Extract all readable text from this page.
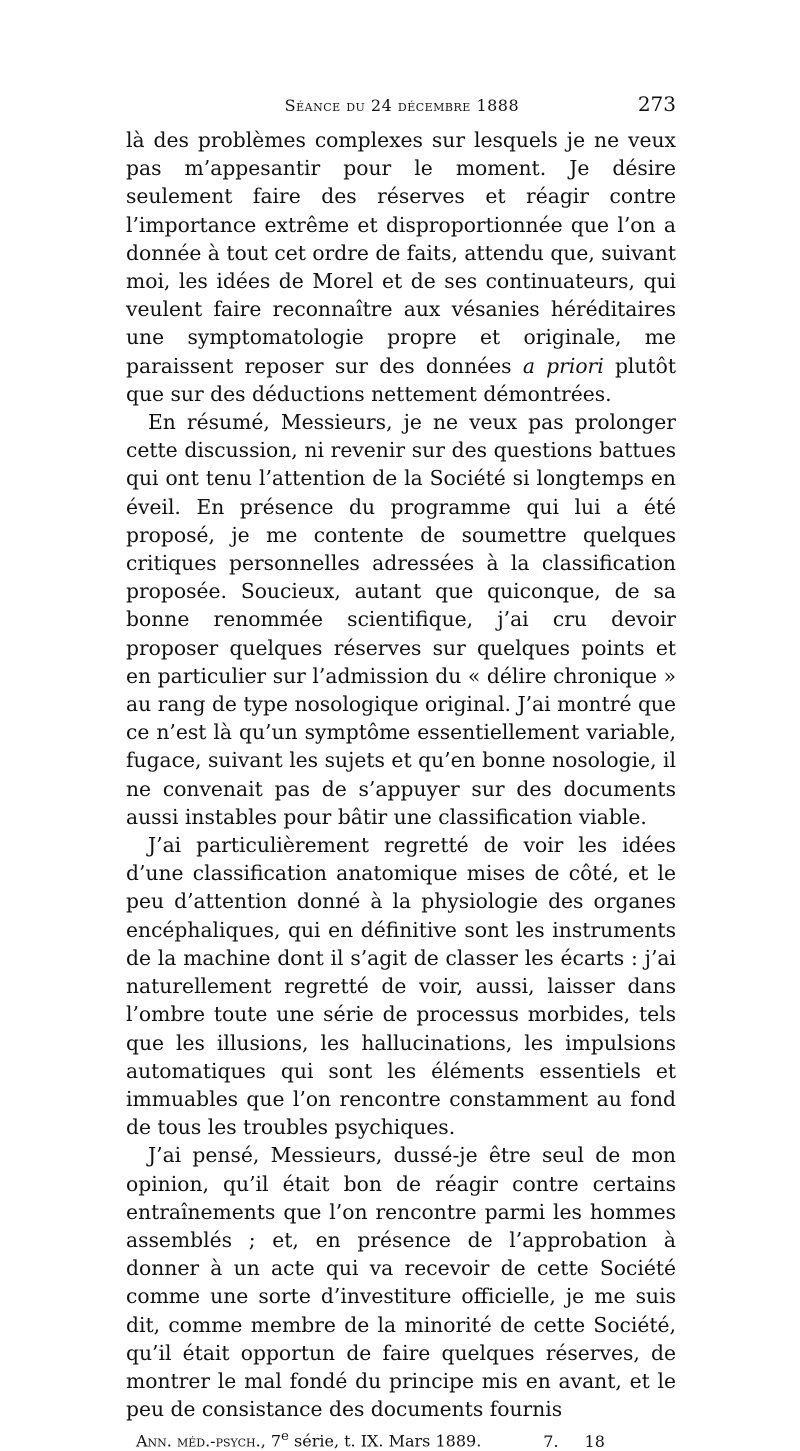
Séance du 24 décembre 1888	273

là des problèmes complexes sur lesquels je ne veux pas m’appesantir pour le moment. Je désire seulement faire des réserves et réagir contre l’importance extrême et disproportionnée que l’on a donnée à tout cet ordre de faits, attendu que, suivant moi, les idées de Morel et de ses continuateurs, qui veulent faire reconnaître aux vésanies héréditaires une symptomatologie propre et originale, me paraissent reposer sur des données a priori plutôt que sur des déductions nettement démontrées.

En résumé, Messieurs, je ne veux pas prolonger cette discussion, ni revenir sur des questions battues qui ont tenu l’attention de la Société si longtemps en éveil. En présence du programme qui lui a été proposé, je me contente de soumettre quelques critiques personnelles adressées à la classification proposée. Soucieux, autant que quiconque, de sa bonne renommée scientifique, j’ai cru devoir proposer quelques réserves sur quelques points et en particulier sur l’admission du « délire chronique » au rang de type nosologique original. J’ai montré que ce n’est là qu’un symptôme essentiellement variable, fugace, suivant les sujets et qu’en bonne nosologie, il ne convenait pas de s’appuyer sur des documents aussi instables pour bâtir une classification viable.

J’ai particulièrement regretté de voir les idées d’une classification anatomique mises de côté, et le peu d’attention donné à la physiologie des organes encéphaliques, qui en définitive sont les instruments de la machine dont il s’agit de classer les écarts : j’ai naturellement regretté de voir, aussi, laisser dans l’ombre toute une série de processus morbides, tels que les illusions, les hallucinations, les impulsions automatiques qui sont les éléments essentiels et immuables que l’on rencontre constamment au fond de tous les troubles psychiques.

J’ai pensé, Messieurs, dussé-je être seul de mon opinion, qu’il était bon de réagir contre certains entraînements que l’on rencontre parmi les hommes assemblés ; et, en présence de l’approbation à donner à un acte qui va recevoir de cette Société comme une sorte d’investiture officielle, je me suis dit, comme membre de la minorité de cette Société, qu’il était opportun de faire quelques réserves, de montrer le mal fondé du principe mis en avant, et le peu de consistance des documents fournis

Ann. méd.-psych., 7e série, t. IX. Mars 1889.	7. 18
